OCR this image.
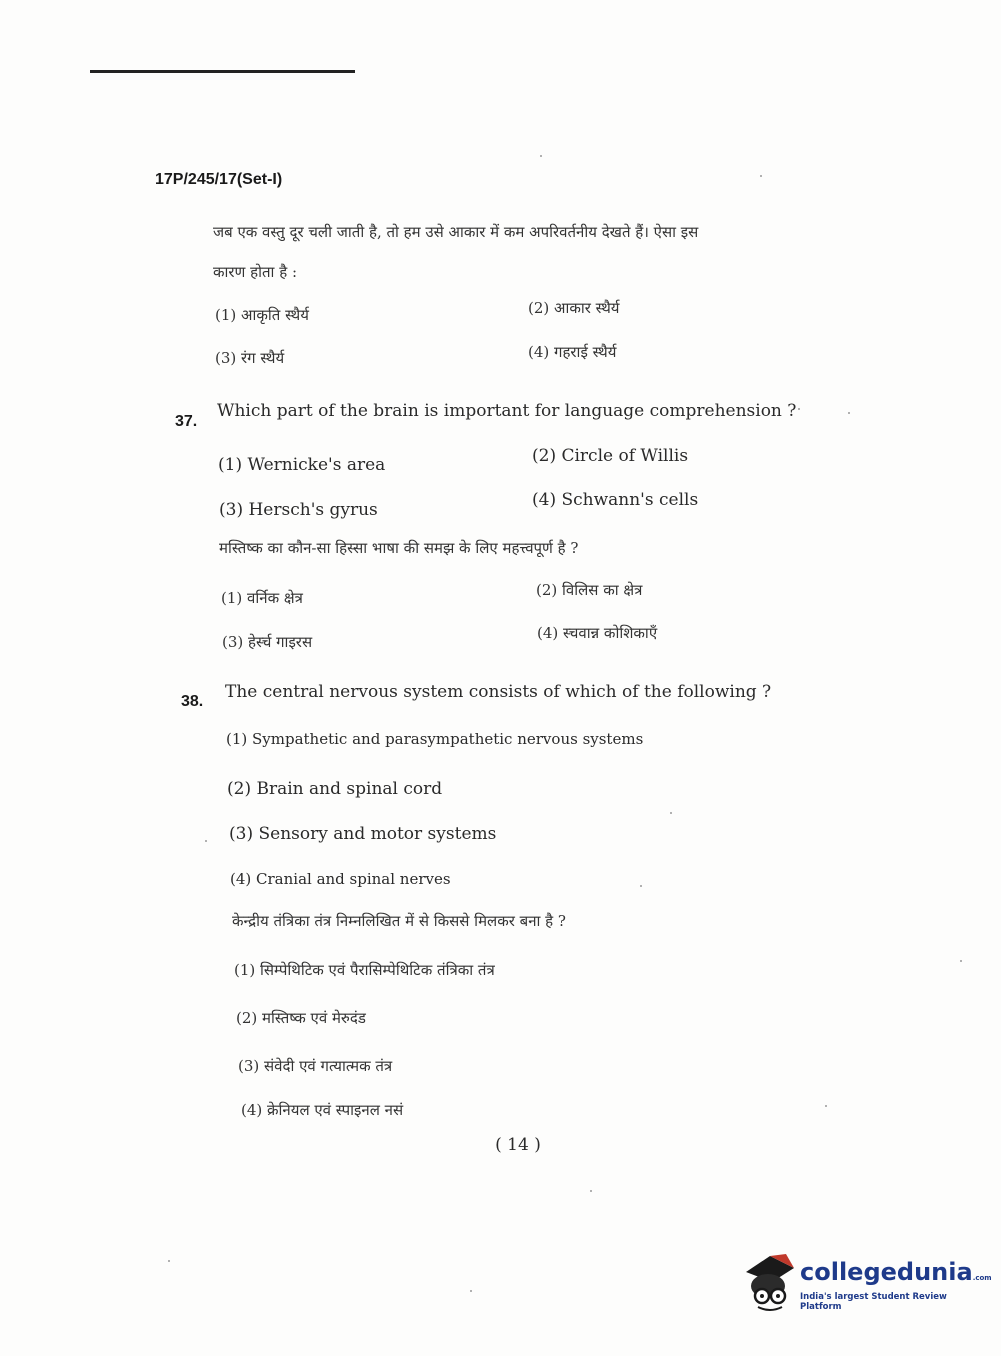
17P/245/17(Set-I)
जब एक वस्तु दूर चली जाती है, तो हम उसे आकार में कम अपरिवर्तनीय देखते हैं। ऐसा इस
कारण होता है :
(1) आकृति स्थैर्य	(2) आकार स्थैर्य
(3) रंग स्थैर्य	(4) गहराई स्थैर्य
37.
Which part of the brain is important for language comprehension ?
(1) Wernicke's area	(2) Circle of Willis
(3) Hersch's gyrus	(4) Schwann's cells
मस्तिष्क का कौन-सा हिस्सा भाषा की समझ के लिए महत्त्वपूर्ण है ?
(1) वर्निक क्षेत्र	(2) विलिस का क्षेत्र
(3) हेर्स्च गाइरस	(4) स्चवान्न कोशिकाएँ
38. The central nervous system consists of which of the following ?
(1) Sympathetic and parasympathetic nervous systems
(2) Brain and spinal cord
(3) Sensory and motor systems
(4) Cranial and spinal nerves
केन्द्रीय तंत्रिका तंत्र निम्नलिखित में से किससे मिलकर बना है ?
(1) सिम्पेथिटिक एवं पैरासिम्पेथिटिक तंत्रिका तंत्र
(2) मस्तिष्क एवं मेरुदंड
(3) संवेदी एवं गत्यात्मक तंत्र
(4) क्रेनियल एवं स्पाइनल नसं
( 14 )
collegedunia.com
India's largest Student Review Platform
